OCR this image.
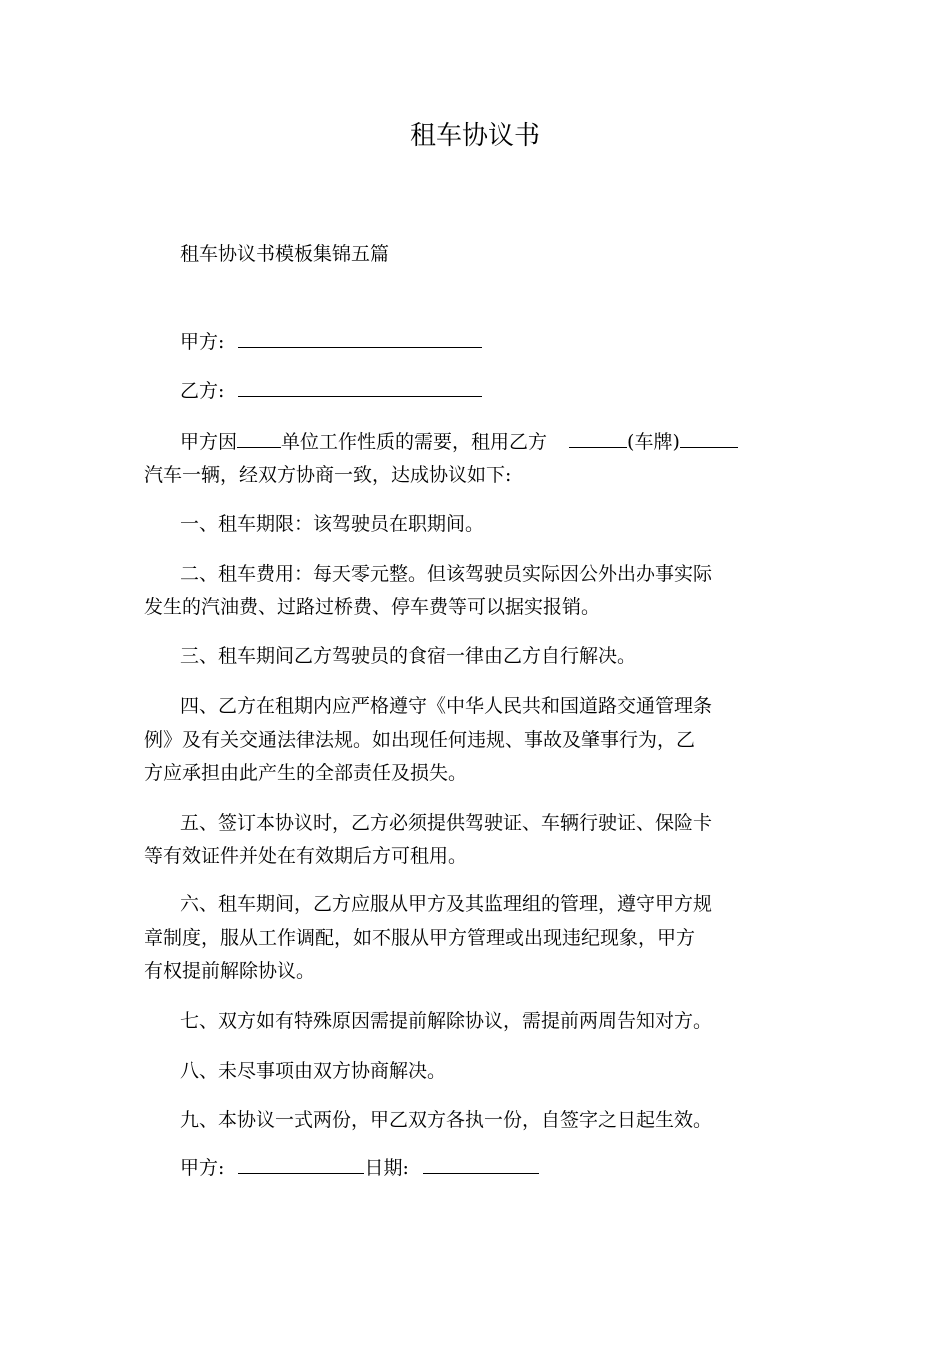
租车协议书
租车协议书模板集锦五篇
甲方:
乙方:
甲方因 单位工作性质的需要，租用乙方	(车牌)
汽车一辆，经双方协商一致，达成协议如下:
一、租车期限：该驾驶员在职期间。
二、租车费用：每天零元整。但该驾驶员实际因公外出办事实际
发生的汽油费、过路过桥费、停车费等可以据实报销。
三、租车期间乙方驾驶员的食宿一律由乙方自行解决。
四、乙方在租期内应严格遵守《中华人民共和国道路交通管理条
例》及有关交通法律法规。如出现任何违规、事故及肇事行为，乙
方应承担由此产生的全部责任及损失。
五、签订本协议时，乙方必须提供驾驶证、车辆行驶证、保险卡
等有效证件并处在有效期后方可租用。
六、租车期间，乙方应服从甲方及其监理组的管理，遵守甲方规
章制度，服从工作调配，如不服从甲方管理或出现违纪现象，甲方
有权提前解除协议。
七、双方如有特殊原因需提前解除协议，需提前两周告知对方。
八、未尽事项由双方协商解决。
九、本协议一式两份，甲乙双方各执一份，自签字之日起生效。
甲方:	日期:
